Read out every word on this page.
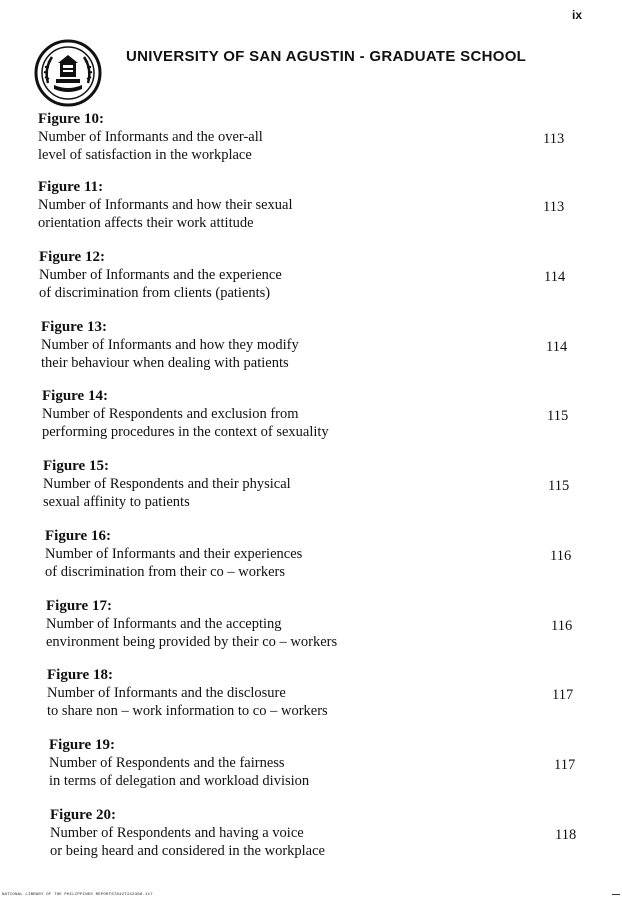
ix
UNIVERSITY OF SAN AGUSTIN - GRADUATE SCHOOL
Figure 10:
Number of Informants and the over-all
level of satisfaction in the workplace
113
Figure 11:
Number of Informants and how their sexual
orientation affects their work attitude
113
Figure 12:
Number of Informants and the experience
of discrimination from clients (patients)
114
Figure 13:
Number of Informants and how they modify
their behaviour when dealing with patients
114
Figure 14:
Number of Respondents and exclusion from
performing procedures in the context of sexuality
115
Figure 15:
Number of Respondents and their physical
sexual affinity to patients
115
Figure 16:
Number of Informants and their experiences
of discrimination from their co – workers
116
Figure 17:
Number of Informants and the accepting
environment being provided by their co – workers
116
Figure 18:
Number of Informants and the disclosure
to share non – work information to co – workers
117
Figure 19:
Number of Respondents and the fairness
in terms of delegation and workload division
117
Figure 20:
Number of Respondents and having a voice
or being heard and considered in the workplace
118
NATIONAL LIBRARY OF THE PHILIPPINES REPORTS7842TI42306.117
